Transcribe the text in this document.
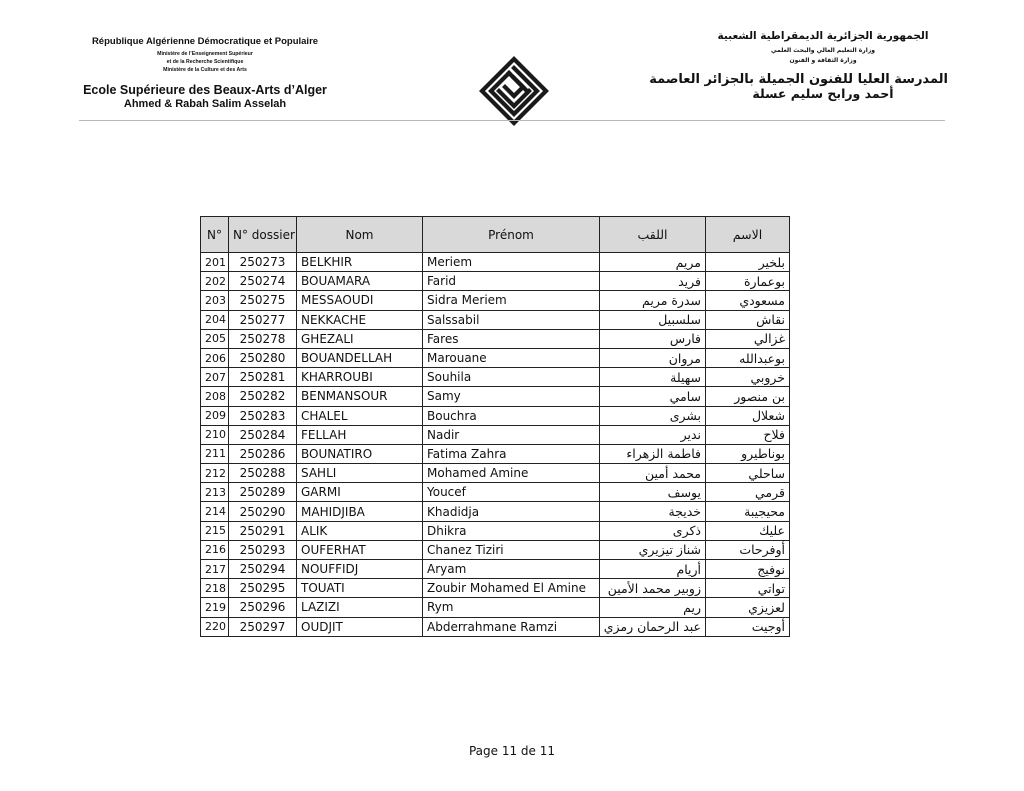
République Algérienne Démocratique et Populaire
Ministère de l’Enseignement Supérieur
et de la Recherche Scientifique
Ministère de la Culture et des Arts
Ecole Supérieure des Beaux-Arts d’Alger
Ahmed & Rabah Salim Asselah
الجمهورية الجزائرية الديمقراطية الشعبية
وزارة التعليم العالي والبحث العلمي
وزارة الثقافة و الفنون
المدرسة العليا للفنون الجميلة بالجزائر العاصمة
أحمد ورابح سليم عسلة
N°	N° dossier	Nom	Prénom	اللقب	الاسم
201	250273	BELKHIR	Meriem	مريم	بلخير
202	250274	BOUAMARA	Farid	فريد	بوعمارة
203	250275	MESSAOUDI	Sidra Meriem	سدرة مريم	مسعودي
204	250277	NEKKACHE	Salssabil	سلسبيل	نقاش
205	250278	GHEZALI	Fares	فارس	غزالي
206	250280	BOUANDELLAH	Marouane	مروان	بوعبدالله
207	250281	KHARROUBI	Souhila	سهيلة	خروبي
208	250282	BENMANSOUR	Samy	سامي	بن منصور
209	250283	CHALEL	Bouchra	بشرى	شعلال
210	250284	FELLAH	Nadir	ندير	فلاح
211	250286	BOUNATIRO	Fatima Zahra	فاطمة الزهراء	بوناطيرو
212	250288	SAHLI	Mohamed Amine	محمد أمين	ساحلي
213	250289	GARMI	Youcef	يوسف	قرمي
214	250290	MAHIDJIBA	Khadidja	خديجة	محيجيبة
215	250291	ALIK	Dhikra	ذكرى	عليك
216	250293	OUFERHAT	Chanez Tiziri	شناز تيزيري	أوفرحات
217	250294	NOUFFIDJ	Aryam	أريام	نوفيج
218	250295	TOUATI	Zoubir Mohamed El Amine	زوبير محمد الأمين	تواتي
219	250296	LAZIZI	Rym	ريم	لعزيزي
220	250297	OUDJIT	Abderrahmane Ramzi	عبد الرحمان رمزي	أوجيت
Page 11 de 11
